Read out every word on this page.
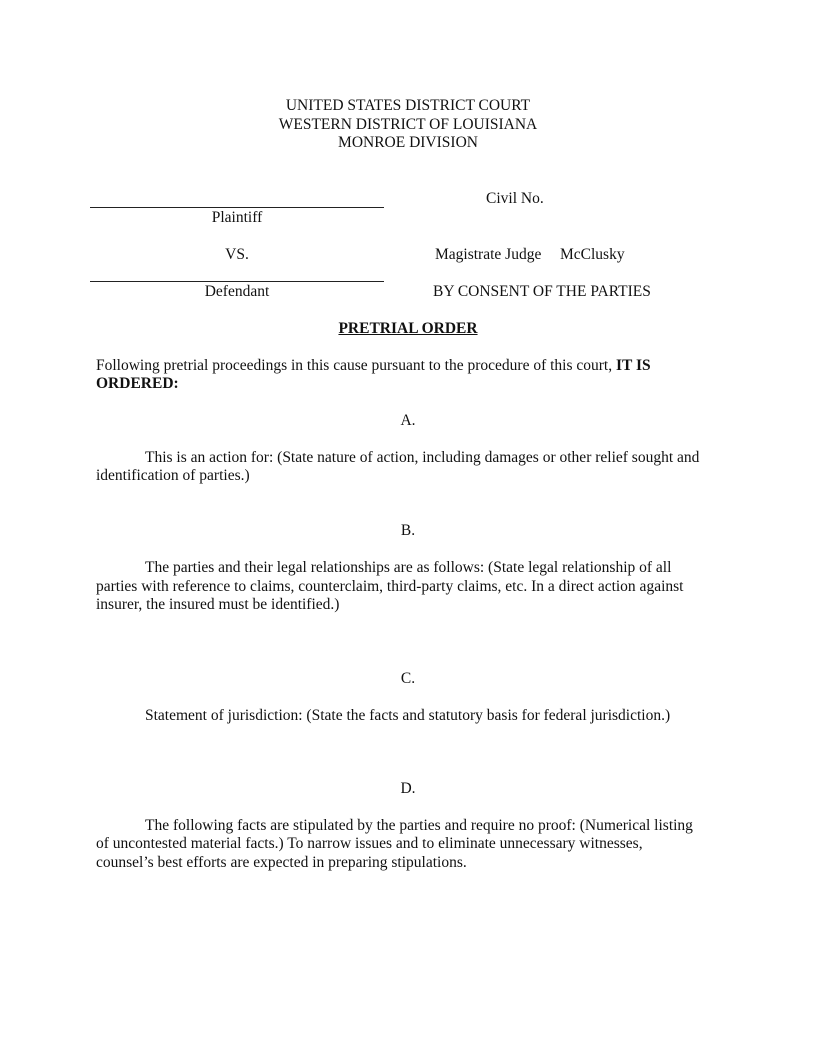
UNITED STATES DISTRICT COURT
WESTERN DISTRICT OF LOUISIANA
MONROE DIVISION
Civil No.
Plaintiff
VS.	Magistrate Judge McClusky
Defendant	BY CONSENT OF THE PARTIES
PRETRIAL ORDER
Following pretrial proceedings in this cause pursuant to the procedure of this court, IT IS
ORDERED:
A.
This is an action for: (State nature of action, including damages or other relief sought and
identification of parties.)
B.
The parties and their legal relationships are as follows: (State legal relationship of all
parties with reference to claims, counterclaim, third-party claims, etc. In a direct action against
insurer, the insured must be identified.)
C.
Statement of jurisdiction: (State the facts and statutory basis for federal jurisdiction.)
D.
The following facts are stipulated by the parties and require no proof: (Numerical listing
of uncontested material facts.) To narrow issues and to eliminate unnecessary witnesses,
counsel’s best efforts are expected in preparing stipulations.
